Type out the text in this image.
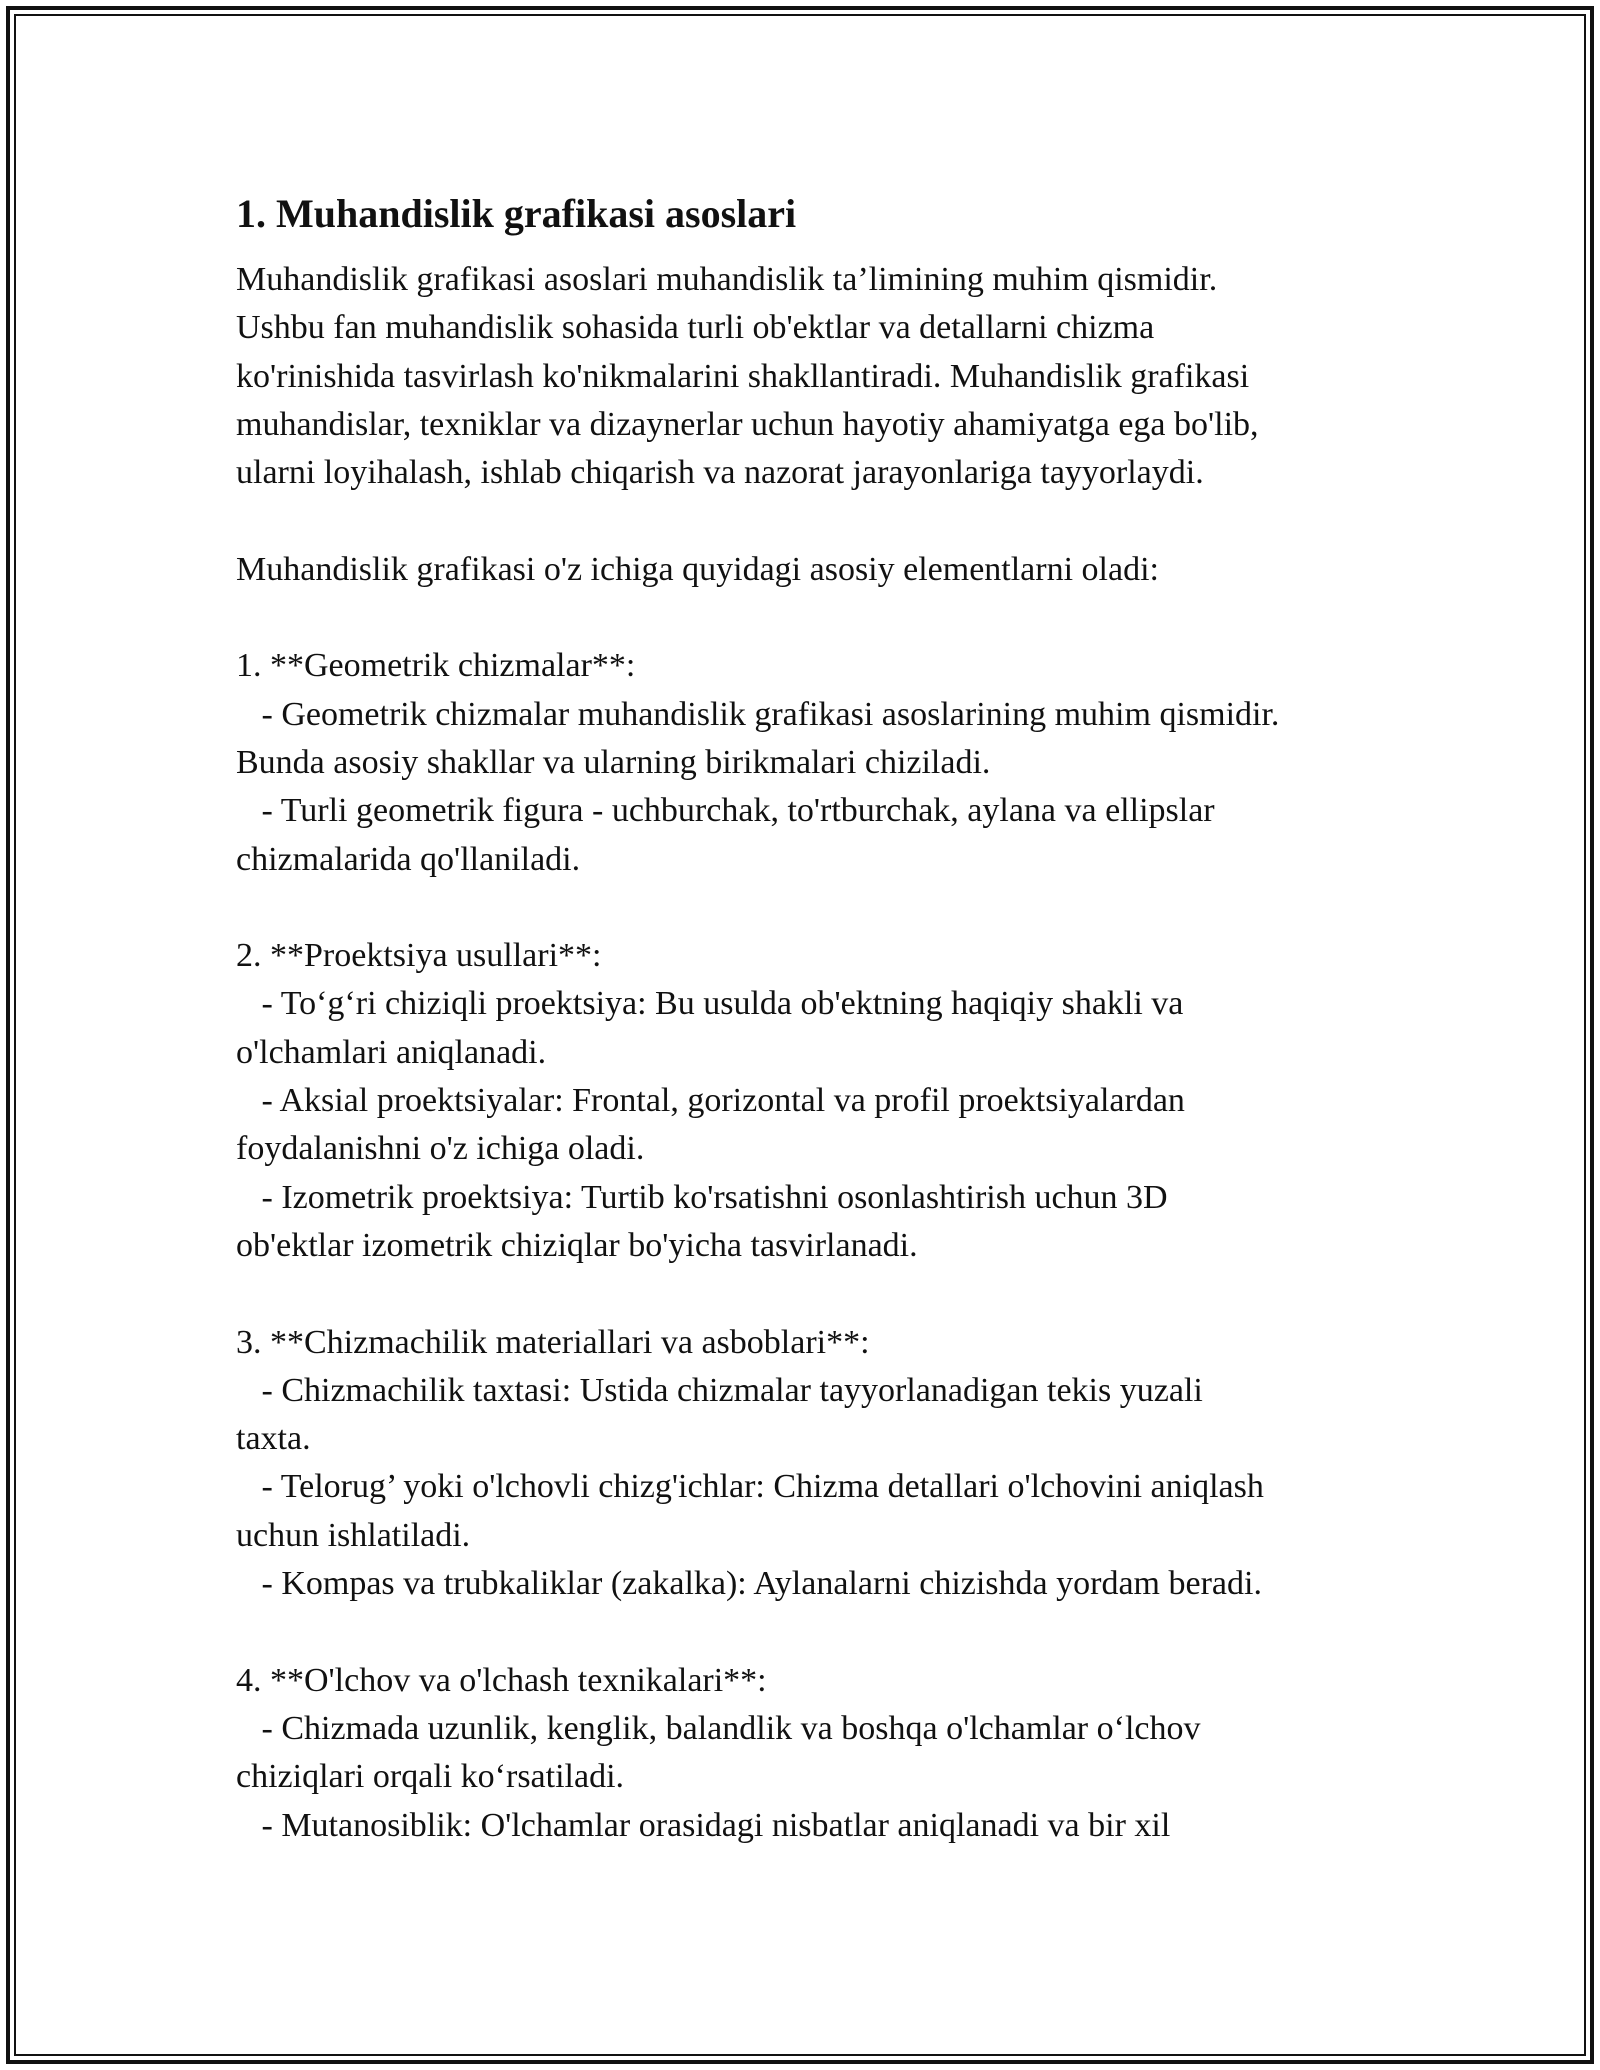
1. Muhandislik grafikasi asoslari
Muhandislik grafikasi asoslari muhandislik ta’limining muhim qismidir.
Ushbu fan muhandislik sohasida turli ob'ektlar va detallarni chizma
ko'rinishida tasvirlash ko'nikmalarini shakllantiradi. Muhandislik grafikasi
muhandislar, texniklar va dizaynerlar uchun hayotiy ahamiyatga ega bo'lib,
ularni loyihalash, ishlab chiqarish va nazorat jarayonlariga tayyorlaydi.

Muhandislik grafikasi o'z ichiga quyidagi asosiy elementlarni oladi:

1. **Geometrik chizmalar**:
- Geometrik chizmalar muhandislik grafikasi asoslarining muhim qismidir.
Bunda asosiy shakllar va ularning birikmalari chiziladi.
- Turli geometrik figura - uchburchak, to'rtburchak, aylana va ellipslar
chizmalarida qo'llaniladi.

2. **Proektsiya usullari**:
- To‘g‘ri chiziqli proektsiya: Bu usulda ob'ektning haqiqiy shakli va
o'lchamlari aniqlanadi.
- Aksial proektsiyalar: Frontal, gorizontal va profil proektsiyalardan
foydalanishni o'z ichiga oladi.
- Izometrik proektsiya: Turtib ko'rsatishni osonlashtirish uchun 3D
ob'ektlar izometrik chiziqlar bo'yicha tasvirlanadi.

3. **Chizmachilik materiallari va asboblari**:
- Chizmachilik taxtasi: Ustida chizmalar tayyorlanadigan tekis yuzali
taxta.
- Telorug’ yoki o'lchovli chizg'ichlar: Chizma detallari o'lchovini aniqlash
uchun ishlatiladi.
- Kompas va trubkaliklar (zakalka): Aylanalarni chizishda yordam beradi.

4. **O'lchov va o'lchash texnikalari**:
- Chizmada uzunlik, kenglik, balandlik va boshqa o'lchamlar o‘lchov
chiziqlari orqali ko‘rsatiladi.
- Mutanosiblik: O'lchamlar orasidagi nisbatlar aniqlanadi va bir xil
